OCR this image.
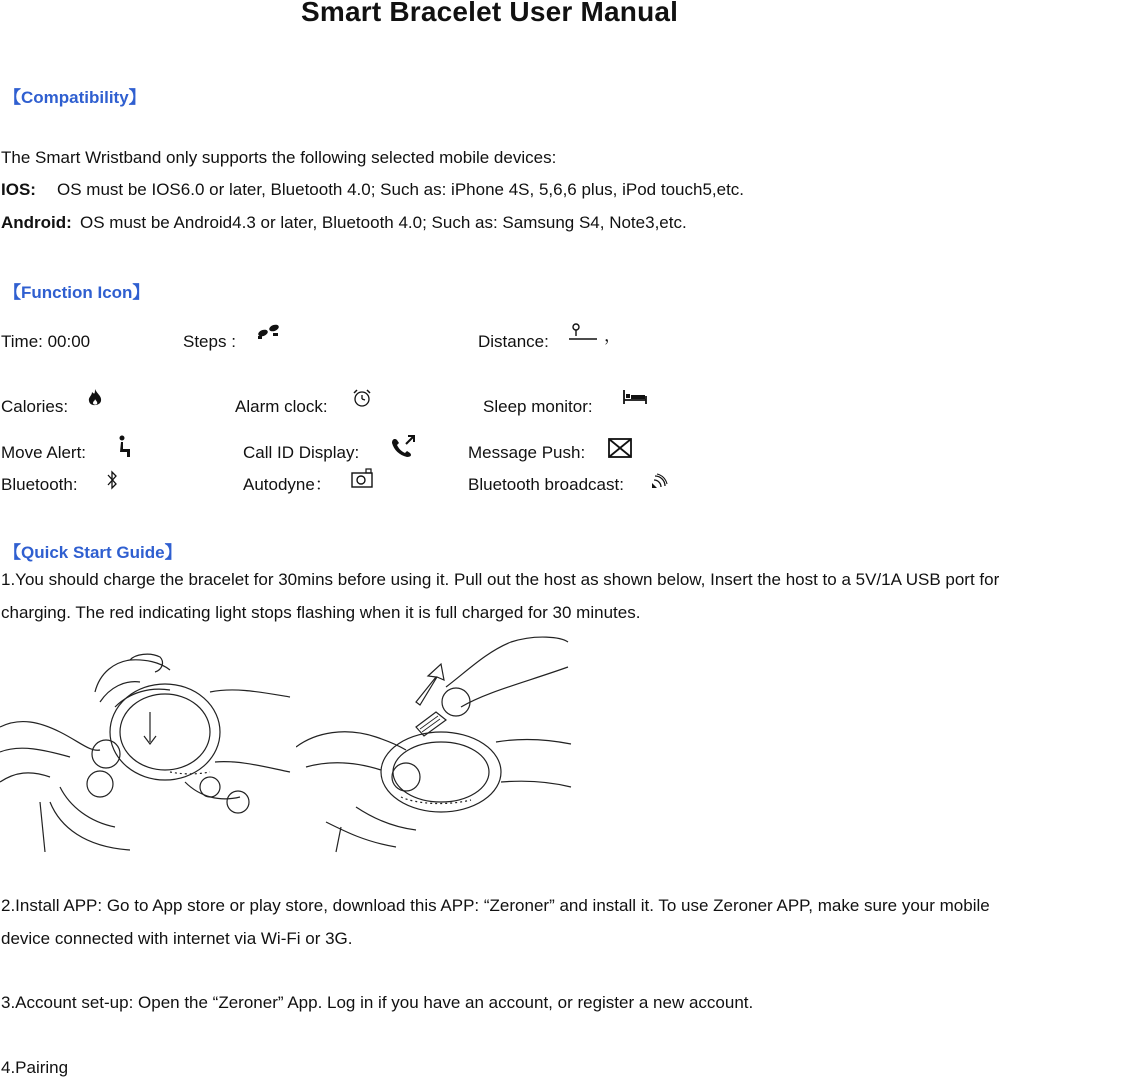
Smart Bracelet User Manual
【Compatibility】
The Smart Wristband only supports the following selected mobile devices:
IOS: OS must be IOS6.0 or later, Bluetooth 4.0; Such as: iPhone 4S, 5,6,6 plus, iPod touch5,etc.
Android: OS must be Android4.3 or later, Bluetooth 4.0; Such as: Samsung S4, Note3,etc.
【Function Icon】
Time: 00:00	Steps :	Distance:	，
Calories:	Alarm clock:	Sleep monitor:
Move Alert:	Call ID Display:	Message Push:
Bluetooth:	Autodyne：	Bluetooth broadcast:
【Quick Start Guide】
1.You should charge the bracelet for 30mins before using it. Pull out the host as shown below, Insert the host to a 5V/1A USB port for
charging. The red indicating light stops flashing when it is full charged for 30 minutes.
2.Install APP: Go to App store or play store, download this APP: “Zeroner” and install it. To use Zeroner APP, make sure your mobile
device connected with internet via Wi-Fi or 3G.
3.Account set-up: Open the “Zeroner” App. Log in if you have an account, or register a new account.
4.Pairing
